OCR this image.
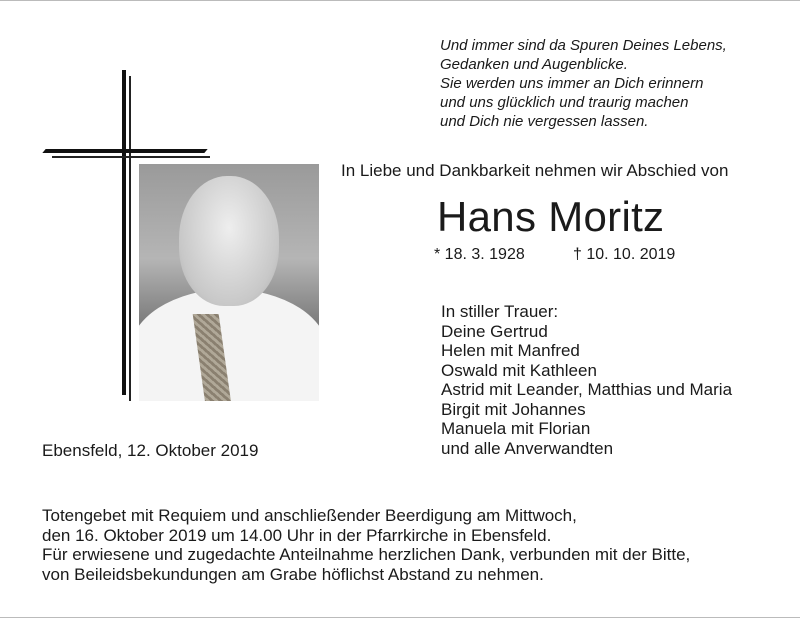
Und immer sind da Spuren Deines Lebens,
Gedanken und Augenblicke.
Sie werden uns immer an Dich erinnern
und uns glücklich und traurig machen
und Dich nie vergessen lassen.
In Liebe und Dankbarkeit nehmen wir Abschied von
Hans Moritz
* 18. 3. 1928	† 10. 10. 2019
In stiller Trauer:
Deine Gertrud
Helen mit Manfred
Oswald mit Kathleen
Astrid mit Leander, Matthias und Maria
Birgit mit Johannes
Manuela mit Florian
und alle Anverwandten
Ebensfeld, 12. Oktober 2019
Totengebet mit Requiem und anschließender Beerdigung am Mittwoch,
den 16. Oktober 2019 um 14.00 Uhr in der Pfarrkirche in Ebensfeld.
Für erwiesene und zugedachte Anteilnahme herzlichen Dank, verbunden mit der Bitte,
von Beileidsbekundungen am Grabe höflichst Abstand zu nehmen.
